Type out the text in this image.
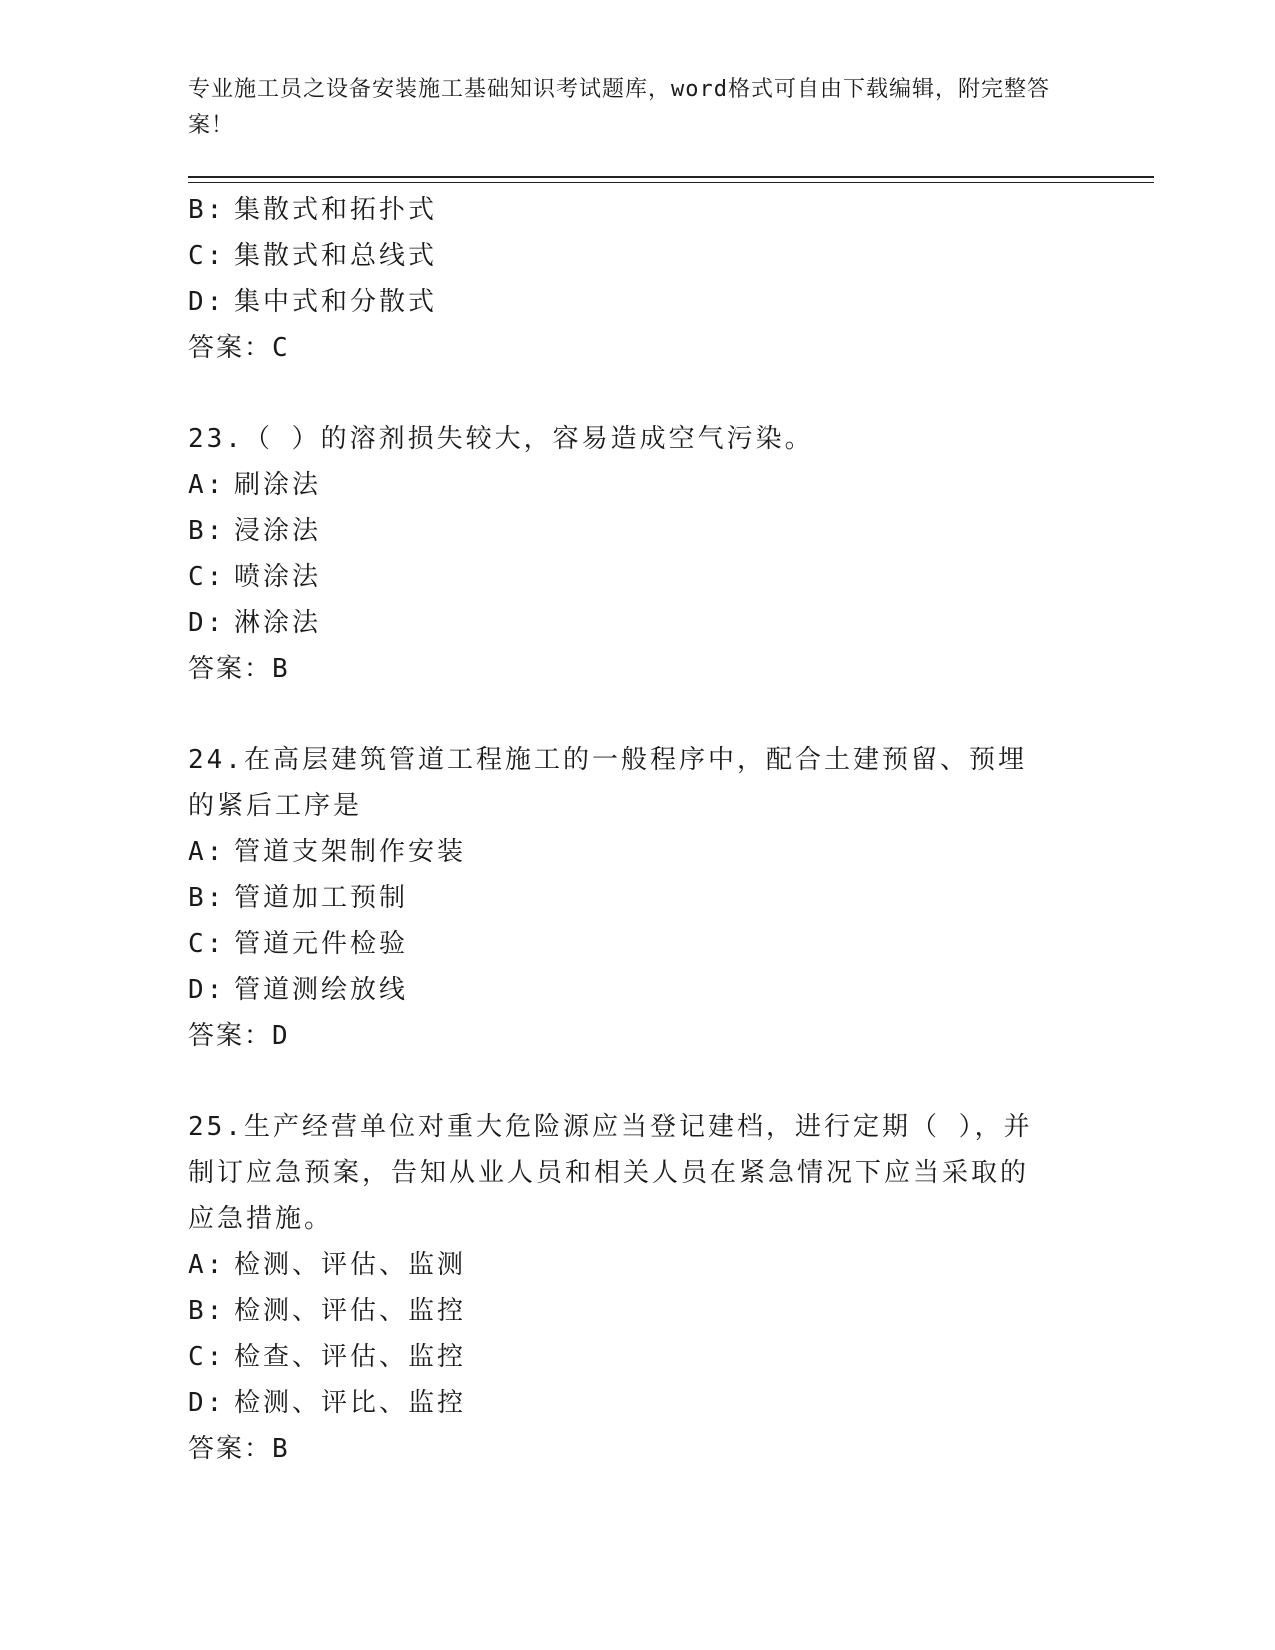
专业施工员之设备安装施工基础知识考试题库，word格式可自由下载编辑，附完整答案！
B: 集散式和拓扑式
C: 集散式和总线式
D: 集中式和分散式
答案：C
23.（ ）的溶剂损失较大，容易造成空气污染。
A: 刷涂法
B: 浸涂法
C: 喷涂法
D: 淋涂法
答案：B
24.在高层建筑管道工程施工的一般程序中，配合土建预留、预埋的紧后工序是
A: 管道支架制作安装
B: 管道加工预制
C: 管道元件检验
D: 管道测绘放线
答案：D
25.生产经营单位对重大危险源应当登记建档，进行定期（ ），并制订应急预案，告知从业人员和相关人员在紧急情况下应当采取的应急措施。
A: 检测、评估、监测
B: 检测、评估、监控
C: 检查、评估、监控
D: 检测、评比、监控
答案：B
